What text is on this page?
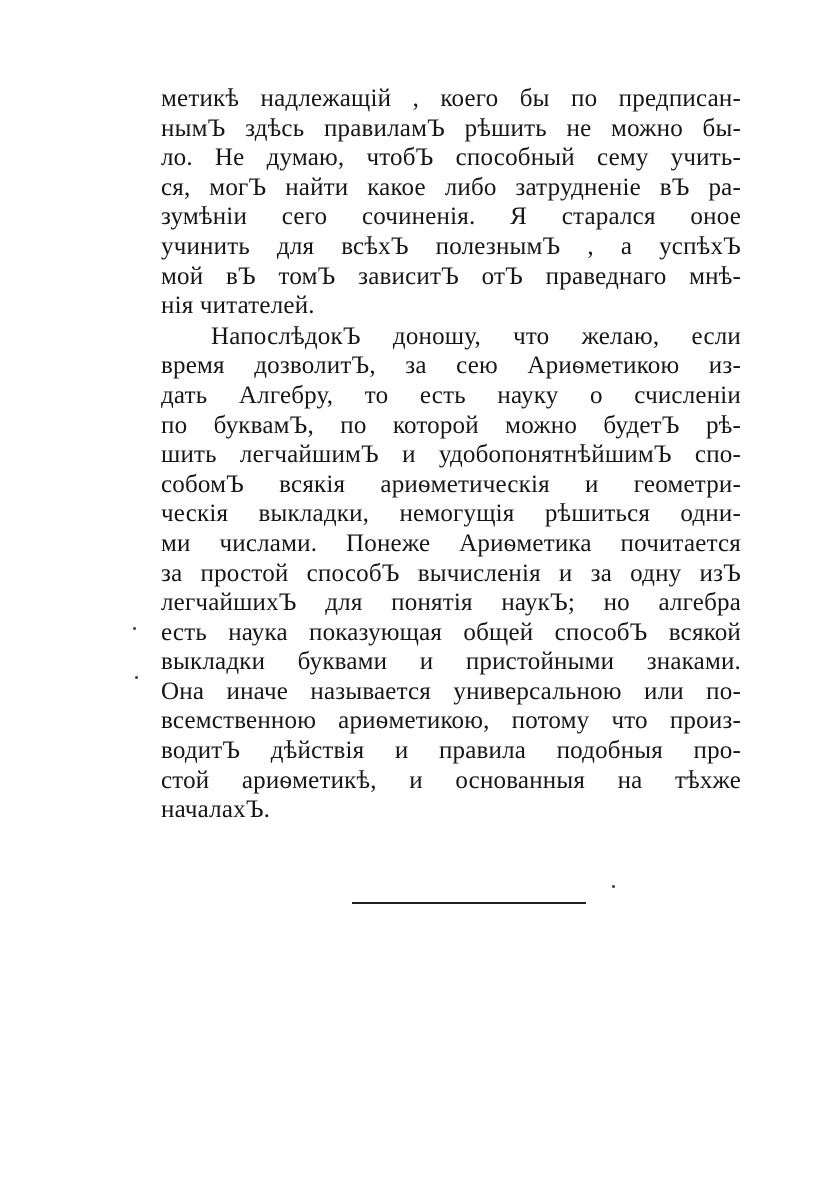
метикѣ надлежащій , коего бы по предписан-
нымЪ здѣсь правиламЪ рѣшить не можно бы-
ло. Не думаю, чтобЪ способный сему учить-
ся, могЪ найти какое либо затрудненіе вЪ ра-
зумѣніи сего сочиненія. Я старался оное
учинить для всѣхЪ полезнымЪ , а успѣхЪ
мой вЪ томЪ зависитЪ отЪ праведнаго мнѣ-
нія читателей.
НапослѣдокЪ доношу, что желаю, если
время дозволитЪ, за сею Ариѳметикою из-
дать Алгебру, то есть науку о счисленіи
по буквамЪ, по которой можно будетЪ рѣ-
шить легчайшимЪ и удобопонятнѣйшимЪ спо-
собомЪ всякія ариѳметическія и геометри-
ческія выкладки, немогущія рѣшиться одни-
ми числами. Понеже Ариѳметика почитается
за простой способЪ вычисленія и за одну изЪ
легчайшихЪ для понятія наукЪ; но алгебра
есть наука показующая общей способЪ всякой
выкладки буквами и пристойными знаками.
Она иначе называется универсальною или по-
всемственною ариѳметикою, потому что произ-
водитЪ дѣйствія и правила подобныя про-
стой ариѳметикѣ, и основанныя на тѣхже
началахЪ.
